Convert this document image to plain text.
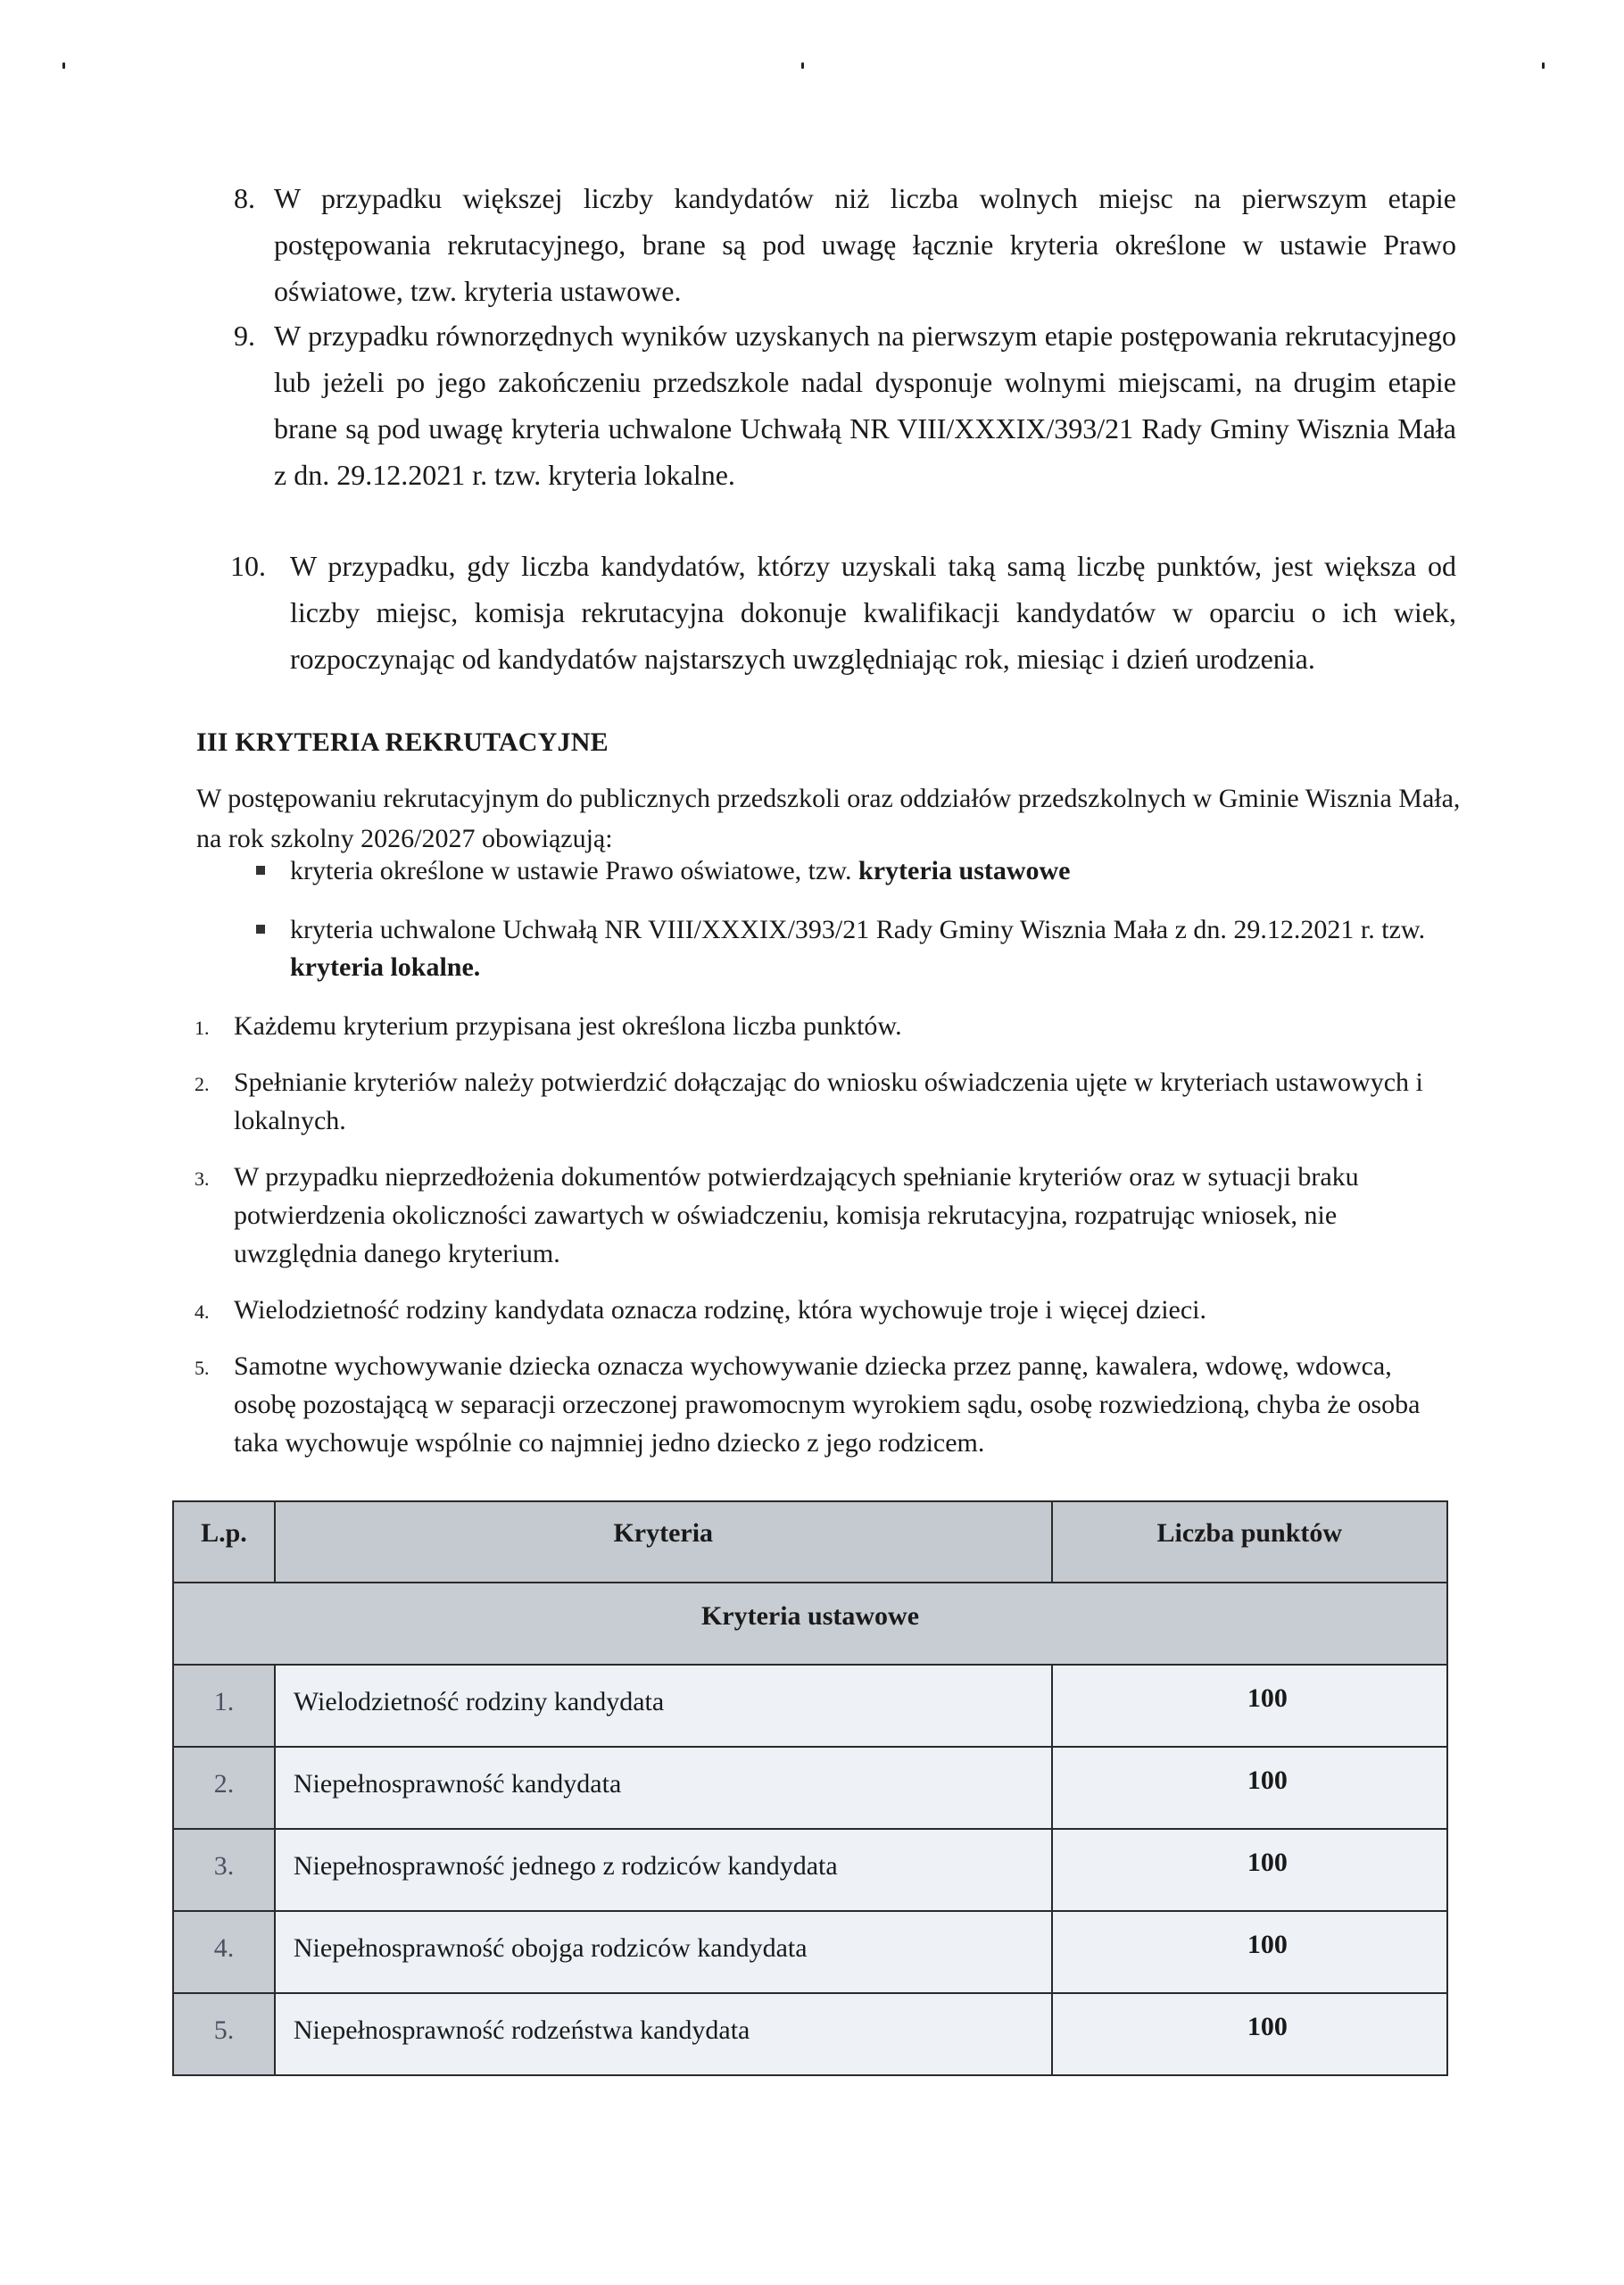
8. W przypadku większej liczby kandydatów niż liczba wolnych miejsc na pierwszym etapie postępowania rekrutacyjnego, brane są pod uwagę łącznie kryteria określone w ustawie Prawo oświatowe, tzw. kryteria ustawowe.
9. W przypadku równorzędnych wyników uzyskanych na pierwszym etapie postępowania rekrutacyjnego lub jeżeli po jego zakończeniu przedszkole nadal dysponuje wolnymi miejscami, na drugim etapie brane są pod uwagę kryteria uchwalone Uchwałą NR VIII/XXXIX/393/21 Rady Gminy Wisznia Mała z dn. 29.12.2021 r. tzw. kryteria lokalne.
10. W przypadku, gdy liczba kandydatów, którzy uzyskali taką samą liczbę punktów, jest większa od liczby miejsc, komisja rekrutacyjna dokonuje kwalifikacji kandydatów w oparciu o ich wiek, rozpoczynając od kandydatów najstarszych uwzględniając rok, miesiąc i dzień urodzenia.
III KRYTERIA REKRUTACYJNE
W postępowaniu rekrutacyjnym do publicznych przedszkoli oraz oddziałów przedszkolnych w Gminie Wisznia Mała, na rok szkolny 2026/2027 obowiązują:
kryteria określone w ustawie Prawo oświatowe, tzw. kryteria ustawowe
kryteria uchwalone Uchwałą NR VIII/XXXIX/393/21 Rady Gminy Wisznia Mała z dn. 29.12.2021 r. tzw. kryteria lokalne.
1. Każdemu kryterium przypisana jest określona liczba punktów.
2. Spełnianie kryteriów należy potwierdzić dołączając do wniosku oświadczenia ujęte w kryteriach ustawowych i lokalnych.
3. W przypadku nieprzedłożenia dokumentów potwierdzających spełnianie kryteriów oraz w sytuacji braku potwierdzenia okoliczności zawartych w oświadczeniu, komisja rekrutacyjna, rozpatrując wniosek, nie uwzględnia danego kryterium.
4. Wielodzietność rodziny kandydata oznacza rodzinę, która wychowuje troje i więcej dzieci.
5. Samotne wychowywanie dziecka oznacza wychowywanie dziecka przez pannę, kawalera, wdowę, wdowca, osobę pozostającą w separacji orzeczonej prawomocnym wyrokiem sądu, osobę rozwiedzioną, chyba że osoba taka wychowuje wspólnie co najmniej jedno dziecko z jego rodzicem.
L.p.	Kryteria	Liczba punktów
Kryteria ustawowe		
1.	Wielodzietność rodziny kandydata	100
2.	Niepełnosprawność kandydata	100
3.	Niepełnosprawność jednego z rodziców kandydata	100
4.	Niepełnosprawność obojga rodziców kandydata	100
5.	Niepełnosprawność rodzeństwa kandydata	100
